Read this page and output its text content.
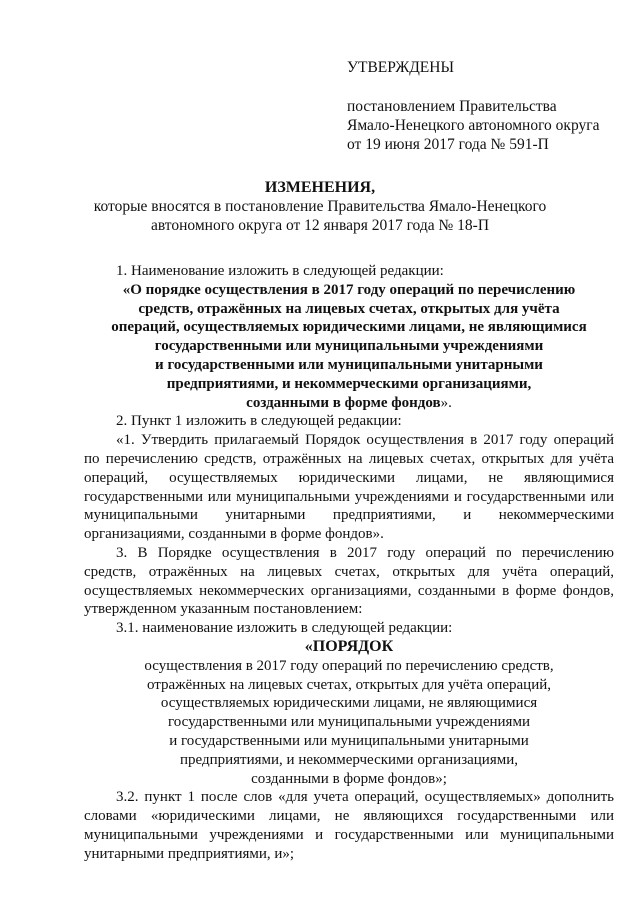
УТВЕРЖДЕНЫ
постановлением Правительства
Ямало-Ненецкого автономного округа
от 19 июня 2017 года № 591-П
ИЗМЕНЕНИЯ,
которые вносятся в постановление Правительства Ямало-Ненецкого
автономного округа от 12 января 2017 года № 18-П
1. Наименование изложить в следующей редакции:
«О порядке осуществления в 2017 году операций по перечислению
средств, отражённых на лицевых счетах, открытых для учёта
операций, осуществляемых юридическими лицами, не являющимися
государственными или муниципальными учреждениями
и государственными или муниципальными унитарными
предприятиями, и некоммерческими организациями,
созданными в форме фондов».
2. Пункт 1 изложить в следующей редакции:
«1. Утвердить прилагаемый Порядок осуществления в 2017 году операций
по перечислению средств, отражённых на лицевых счетах, открытых для учёта
операций, осуществляемых юридическими лицами, не являющимися
государственными или муниципальными учреждениями и государственными или
муниципальными унитарными предприятиями, и некоммерческими
организациями, созданными в форме фондов».
3. В Порядке осуществления в 2017 году операций по перечислению
средств, отражённых на лицевых счетах, открытых для учёта операций,
осуществляемых некоммерческих организациями, созданными в форме фондов,
утвержденном указанным постановлением:
3.1. наименование изложить в следующей редакции:
«ПОРЯДОК
осуществления в 2017 году операций по перечислению средств,
отражённых на лицевых счетах, открытых для учёта операций,
осуществляемых юридическими лицами, не являющимися
государственными или муниципальными учреждениями
и государственными или муниципальными унитарными
предприятиями, и некоммерческими организациями,
созданными в форме фондов»;
3.2. пункт 1 после слов «для учета операций, осуществляемых» дополнить
словами «юридическими лицами, не являющихся государственными или
муниципальными учреждениями и государственными или муниципальными
унитарными предприятиями, и»;
